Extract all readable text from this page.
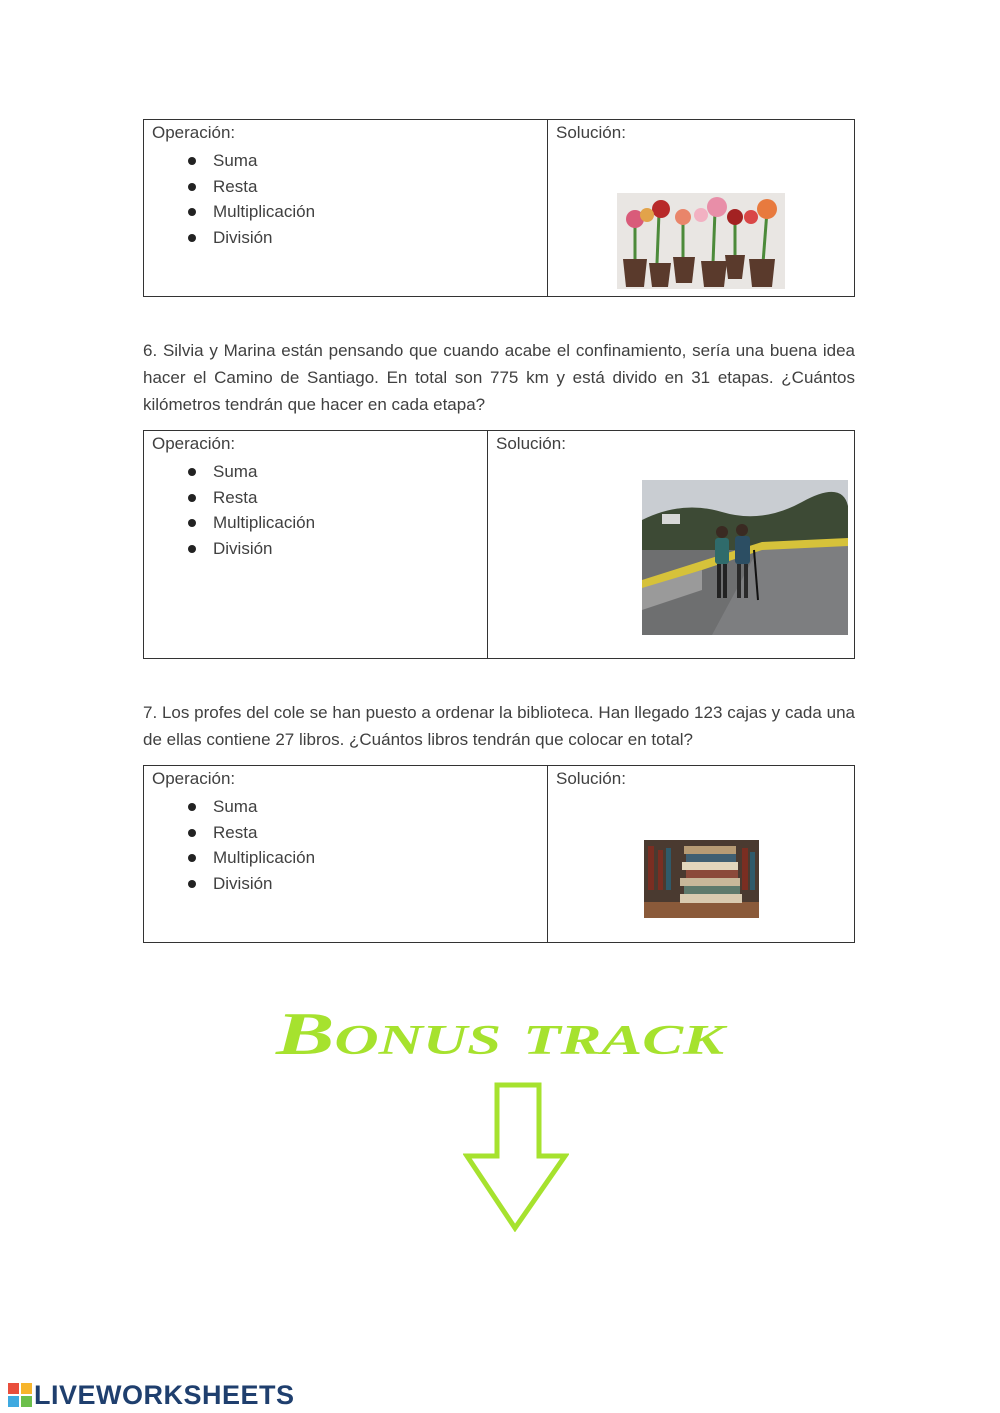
Operación:
Suma
Resta
Multiplicación
División
Solución:

6. Silvia y Marina están pensando que cuando acabe el confinamiento, sería una buena idea hacer el Camino de Santiago. En total son 775 km y está divido en 31 etapas. ¿Cuántos kilómetros tendrán que hacer en cada etapa?

Operación:
Suma
Resta
Multiplicación
División
Solución:

7. Los profes del cole se han puesto a ordenar la biblioteca. Han llegado 123 cajas y cada una de ellas contiene 27 libros. ¿Cuántos libros tendrán que colocar en total?

Operación:
Suma
Resta
Multiplicación
División
Solución:
Bonus track
LIVEWORKSHEETS
